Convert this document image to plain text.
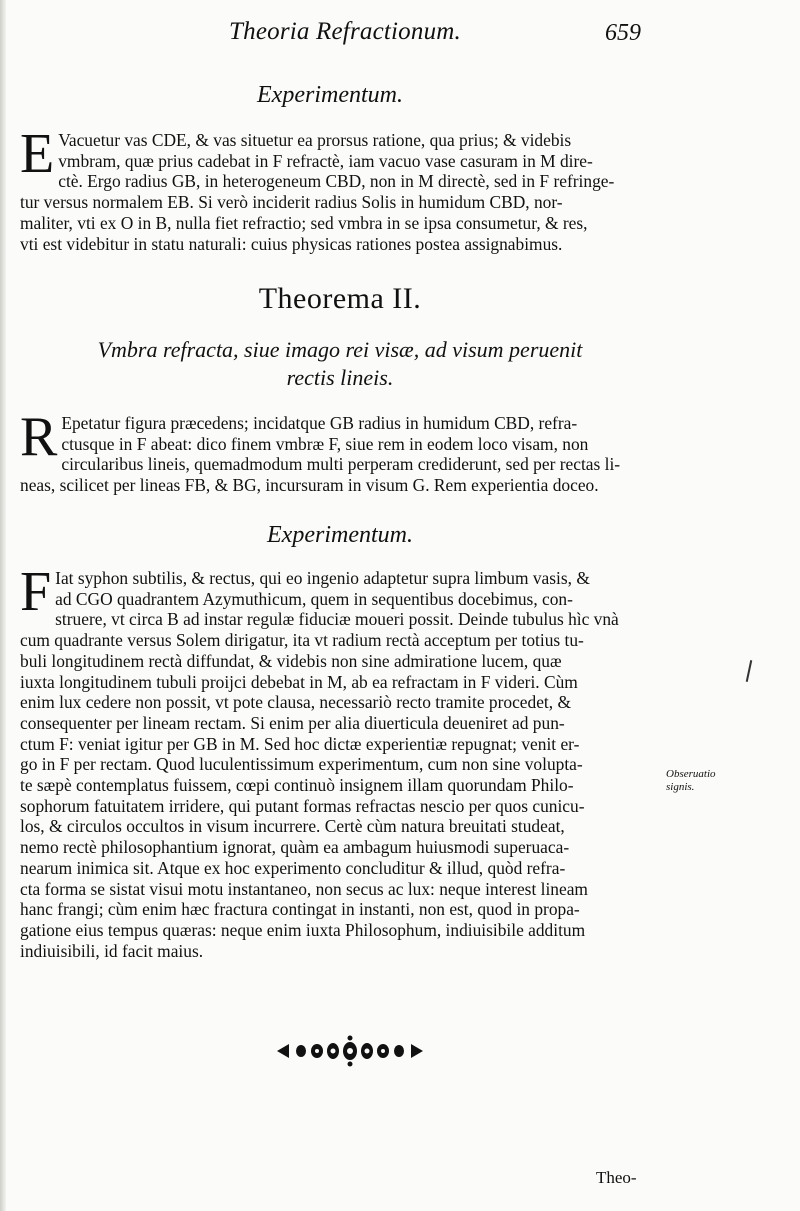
Theoria Refractionum.	659
Experimentum.
E Vacuetur vas CDE, & vas situetur ea prorsus ratione, qua prius; & videbis
vmbram, quæ prius cadebat in F refractè, iam vacuo vase casuram in M dire-
ctè. Ergo radius GB, in heterogeneum CBD, non in M directè, sed in F refringe-
tur versus normalem EB. Si verò inciderit radius Solis in humidum CBD, nor-
maliter, vti ex O in B, nulla fiet refractio; sed vmbra in se ipsa consumetur, & res,
vti est videbitur in statu naturali: cuius physicas rationes postea assignabimus.
Theorema II.
Vmbra refracta, siue imago rei visæ, ad visum peruenit
rectis lineis.
R Epetatur figura præcedens; incidatque GB radius in humidum CBD, refra-
ctusque in F abeat: dico finem vmbræ F, siue rem in eodem loco visam, non
circularibus lineis, quemadmodum multi perperam crediderunt, sed per rectas li-
neas, scilicet per lineas FB, & BG, incursuram in visum G. Rem experientia doceo.
Experimentum.
F Iat syphon subtilis, & rectus, qui eo ingenio adaptetur supra limbum vasis, &
ad CGO quadrantem Azymuthicum, quem in sequentibus docebimus, con-
struere, vt circa B ad instar regulæ fiduciæ moueri possit. Deinde tubulus hìc vnà
cum quadrante versus Solem dirigatur, ita vt radium rectà acceptum per totius tu-
buli longitudinem rectà diffundat, & videbis non sine admiratione lucem, quæ
iuxta longitudinem tubuli proijci debebat in M, ab ea refractam in F videri. Cùm
enim lux cedere non possit, vt pote clausa, necessariò recto tramite procedet, &
consequenter per lineam rectam. Si enim per alia diuerticula deueniret ad pun-
ctum F: veniat igitur per GB in M. Sed hoc dictæ experientiæ repugnat; venit er-
go in F per rectam. Quod luculentissimum experimentum, cum non sine volupta-
te sæpè contemplatus fuissem, cœpi continuò insignem illam quorundam Philo-
sophorum fatuitatem irridere, qui putant formas refractas nescio per quos cunicu-
los, & circulos occultos in visum incurrere. Certè cùm natura breuitati studeat,
nemo rectè philosophantium ignorat, quàm ea ambagum huiusmodi superuaca-
nearum inimica sit. Atque ex hoc experimento concluditur & illud, quòd refra-
cta forma se sistat visui motu instantaneo, non secus ac lux: neque interest lineam
hanc frangi; cùm enim hæc fractura contingat in instanti, non est, quod in propa-
gatione eius tempus quæras: neque enim iuxta Philosophum, indiuisibile additum
indiuisibili, id facit maius.
Obseruatio
signis.
Theo-
